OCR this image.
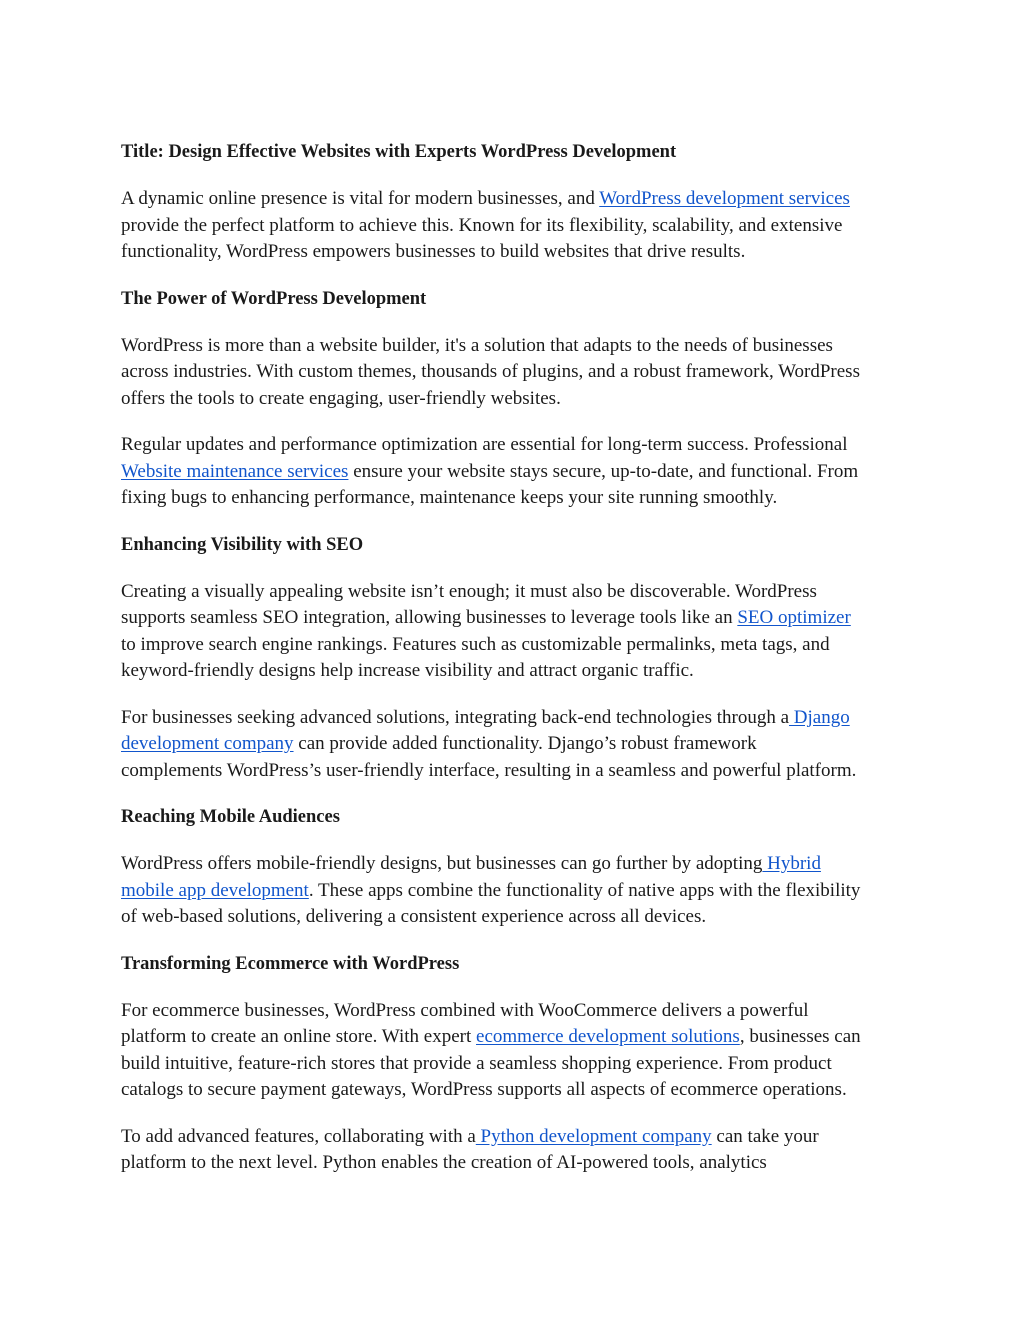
Title: Design Effective Websites with Experts WordPress Development

A dynamic online presence is vital for modern businesses, and WordPress development services
provide the perfect platform to achieve this. Known for its flexibility, scalability, and extensive
functionality, WordPress empowers businesses to build websites that drive results.

The Power of WordPress Development

WordPress is more than a website builder, it's a solution that adapts to the needs of businesses
across industries. With custom themes, thousands of plugins, and a robust framework, WordPress
offers the tools to create engaging, user-friendly websites.

Regular updates and performance optimization are essential for long-term success. Professional
Website maintenance services ensure your website stays secure, up-to-date, and functional. From
fixing bugs to enhancing performance, maintenance keeps your site running smoothly.

Enhancing Visibility with SEO

Creating a visually appealing website isn’t enough; it must also be discoverable. WordPress
supports seamless SEO integration, allowing businesses to leverage tools like an SEO optimizer
to improve search engine rankings. Features such as customizable permalinks, meta tags, and
keyword-friendly designs help increase visibility and attract organic traffic.

For businesses seeking advanced solutions, integrating back-end technologies through a Django
development company can provide added functionality. Django’s robust framework
complements WordPress’s user-friendly interface, resulting in a seamless and powerful platform.

Reaching Mobile Audiences

WordPress offers mobile-friendly designs, but businesses can go further by adopting Hybrid
mobile app development. These apps combine the functionality of native apps with the flexibility
of web-based solutions, delivering a consistent experience across all devices.

Transforming Ecommerce with WordPress

For ecommerce businesses, WordPress combined with WooCommerce delivers a powerful
platform to create an online store. With expert ecommerce development solutions, businesses can
build intuitive, feature-rich stores that provide a seamless shopping experience. From product
catalogs to secure payment gateways, WordPress supports all aspects of ecommerce operations.

To add advanced features, collaborating with a Python development company can take your
platform to the next level. Python enables the creation of AI-powered tools, analytics
